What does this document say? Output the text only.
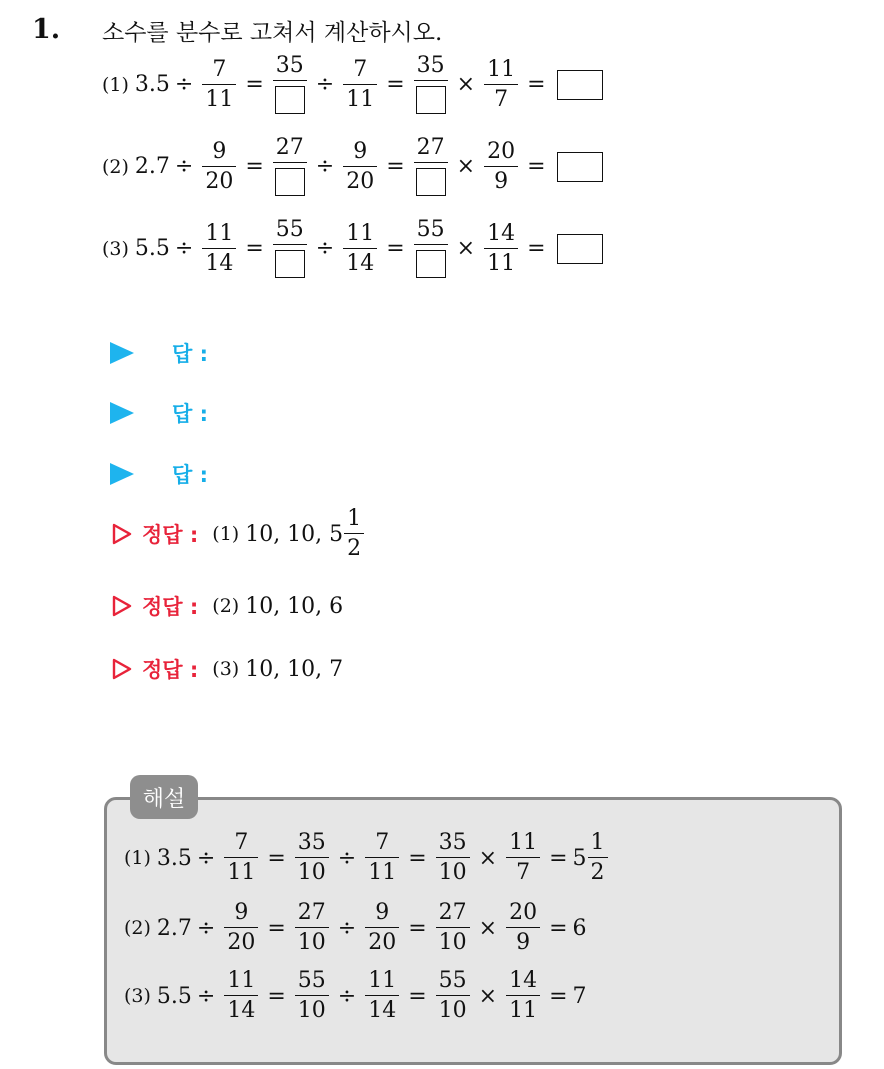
1. 소수를 분수로 고쳐서 계산하시오.
(1) $3.5 \div \frac{7}{11}$ =
35
÷ $\frac{7}{11}$ =
35
× $\frac{11}{7}$ =
(2) $2.7 \div \frac{9}{20}$ =
27
÷ $\frac{9}{20}$ =
27
× $\frac{20}{9}$ =
(3) $5.5 \div \frac{11}{14}$ =
55
÷ $\frac{11}{14}$ =
55
× $\frac{14}{11}$ =
답 :
답 :
답 :
정답 : (1) 10, 10, $5 \frac{1}{2}$
정답 : (2) 10, 10, 6
정답 : (3) 10, 10, 7
해설
(1) $3.5 \div \frac{7}{11} = \frac{35}{10} \div \frac{7}{11} = \frac{35}{10} \times \frac{11}{7} = 5 \frac{1}{2}$
(2) $2.7 \div \frac{9}{20} = \frac{27}{10} \div \frac{9}{20} = \frac{27}{10} \times \frac{20}{9} = 6$
(3) $5.5 \div \frac{11}{14} = \frac{55}{10} \div \frac{11}{14} = \frac{55}{10} \times \frac{14}{11} = 7$
